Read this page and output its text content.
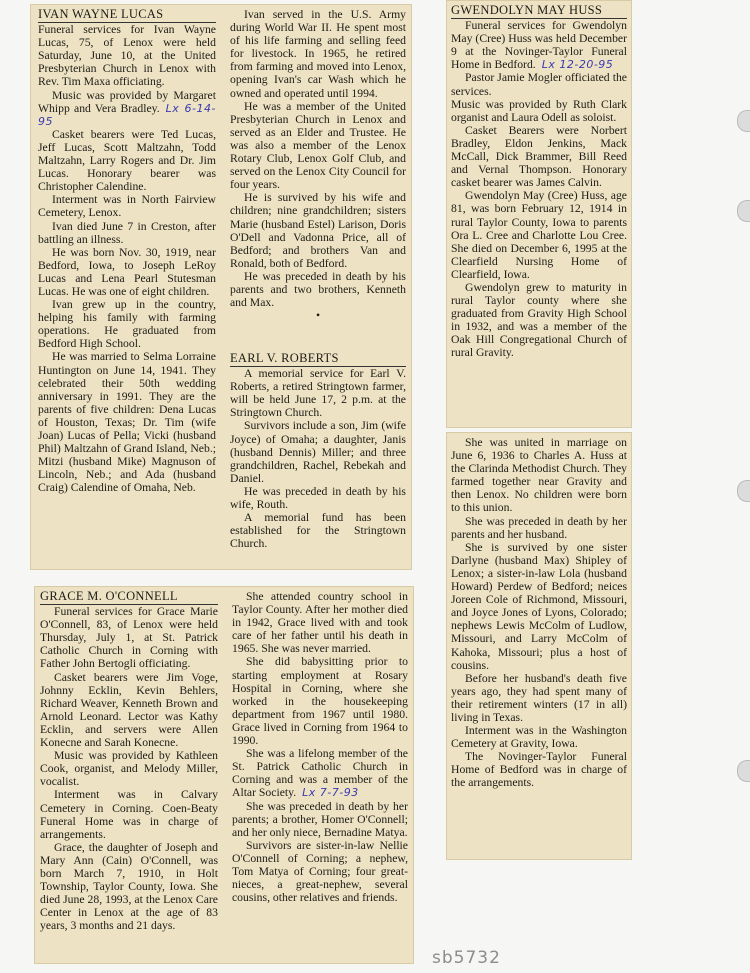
IVAN WAYNE LUCAS

Funeral services for Ivan Wayne Lucas, 75, of Lenox were held Saturday, June 10, at the United Presbyterian Church in Lenox with Rev. Tim Maxa officiating.

Music was provided by Margaret Whipp and Vera Bradley. Lx 6-14-95

Casket bearers were Ted Lucas, Jeff Lucas, Scott Maltzahn, Todd Maltzahn, Larry Rogers and Dr. Jim Lucas. Honorary bearer was Christopher Calendine.

Interment was in North Fairview Cemetery, Lenox.

Ivan died June 7 in Creston, after battling an illness.

He was born Nov. 30, 1919, near Bedford, Iowa, to Joseph LeRoy Lucas and Lena Pearl Stutesman Lucas. He was one of eight children.

Ivan grew up in the country, helping his family with farming operations. He graduated from Bedford High School.

He was married to Selma Lorraine Huntington on June 14, 1941. They celebrated their 50th wedding anniversary in 1991. They are the parents of five children: Dena Lucas of Houston, Texas; Dr. Tim (wife Joan) Lucas of Pella; Vicki (husband Phil) Maltzahn of Grand Island, Neb.; Mitzi (husband Mike) Magnuson of Lincoln, Neb.; and Ada (husband Craig) Calendine of Omaha, Neb.

Ivan served in the U.S. Army during World War II. He spent most of his life farming and selling feed for livestock. In 1965, he retired from farming and moved into Lenox, opening Ivan's car Wash which he owned and operated until 1994.

He was a member of the United Presbyterian Church in Lenox and served as an Elder and Trustee. He was also a member of the Lenox Rotary Club, Lenox Golf Club, and served on the Lenox City Council for four years.

He is survived by his wife and children; nine grandchildren; sisters Marie (husband Estel) Larison, Doris O'Dell and Vadonna Price, all of Bedford; and brothers Van and Ronald, both of Bedford.

He was preceded in death by his parents and two brothers, Kenneth and Max.

•

EARL V. ROBERTS

A memorial service for Earl V. Roberts, a retired Stringtown farmer, will be held June 17, 2 p.m. at the Stringtown Church.

Survivors include a son, Jim (wife Joyce) of Omaha; a daughter, Janis (husband Dennis) Miller; and three grandchildren, Rachel, Rebekah and Daniel.

He was preceded in death by his wife, Routh.

A memorial fund has been established for the Stringtown Church.

GWENDOLYN MAY HUSS

Funeral services for Gwendolyn May (Cree) Huss was held December 9 at the Novinger-Taylor Funeral Home in Bedford. Lx 12-20-95

Pastor Jamie Mogler officiated the services.

Music was provided by Ruth Clark organist and Laura Odell as soloist.

Casket Bearers were Norbert Bradley, Eldon Jenkins, Mack McCall, Dick Brammer, Bill Reed and Vernal Thompson. Honorary casket bearer was James Calvin.

Gwendolyn May (Cree) Huss, age 81, was born February 12, 1914 in rural Taylor County, Iowa to parents Ora L. Cree and Charlotte Lou Cree. She died on December 6, 1995 at the Clearfield Nursing Home of Clearfield, Iowa.

Gwendolyn grew to maturity in rural Taylor county where she graduated from Gravity High School in 1932, and was a member of the Oak Hill Congregational Church of rural Gravity.

She was united in marriage on June 6, 1936 to Charles A. Huss at the Clarinda Methodist Church. They farmed together near Gravity and then Lenox. No children were born to this union.

She was preceded in death by her parents and her husband.

She is survived by one sister Darlyne (husband Max) Shipley of Lenox; a sister-in-law Lola (husband Howard) Perdew of Bedford; neices Joreen Cole of Richmond, Missouri, and Joyce Jones of Lyons, Colorado; nephews Lewis McColm of Ludlow, Missouri, and Larry McColm of Kahoka, Missouri; plus a host of cousins.

Before her husband's death five years ago, they had spent many of their retirement winters (17 in all) living in Texas.

Interment was in the Washington Cemetery at Gravity, Iowa.

The Novinger-Taylor Funeral Home of Bedford was in charge of the arrangements.

GRACE M. O'CONNELL

Funeral services for Grace Marie O'Connell, 83, of Lenox were held Thursday, July 1, at St. Patrick Catholic Church in Corning with Father John Bertogli officiating.

Casket bearers were Jim Voge, Johnny Ecklin, Kevin Behlers, Richard Weaver, Kenneth Brown and Arnold Leonard. Lector was Kathy Ecklin, and servers were Allen Konecne and Sarah Konecne.

Music was provided by Kathleen Cook, organist, and Melody Miller, vocalist.

Interment was in Calvary Cemetery in Corning. Coen-Beaty Funeral Home was in charge of arrangements.

Grace, the daughter of Joseph and Mary Ann (Cain) O'Connell, was born March 7, 1910, in Holt Township, Taylor County, Iowa. She died June 28, 1993, at the Lenox Care Center in Lenox at the age of 83 years, 3 months and 21 days.

She attended country school in Taylor County. After her mother died in 1942, Grace lived with and took care of her father until his death in 1965. She was never married.

She did babysitting prior to starting employment at Rosary Hospital in Corning, where she worked in the housekeeping department from 1967 until 1980. Grace lived in Corning from 1964 to 1990.

She was a lifelong member of the St. Patrick Catholic Church in Corning and was a member of the Altar Society. Lx 7-7-93

She was preceded in death by her parents; a brother, Homer O'Connell; and her only niece, Bernadine Matya.

Survivors are sister-in-law Nellie O'Connell of Corning; a nephew, Tom Matya of Corning; four great-nieces, a great-nephew, several cousins, other relatives and friends.

sb5732
